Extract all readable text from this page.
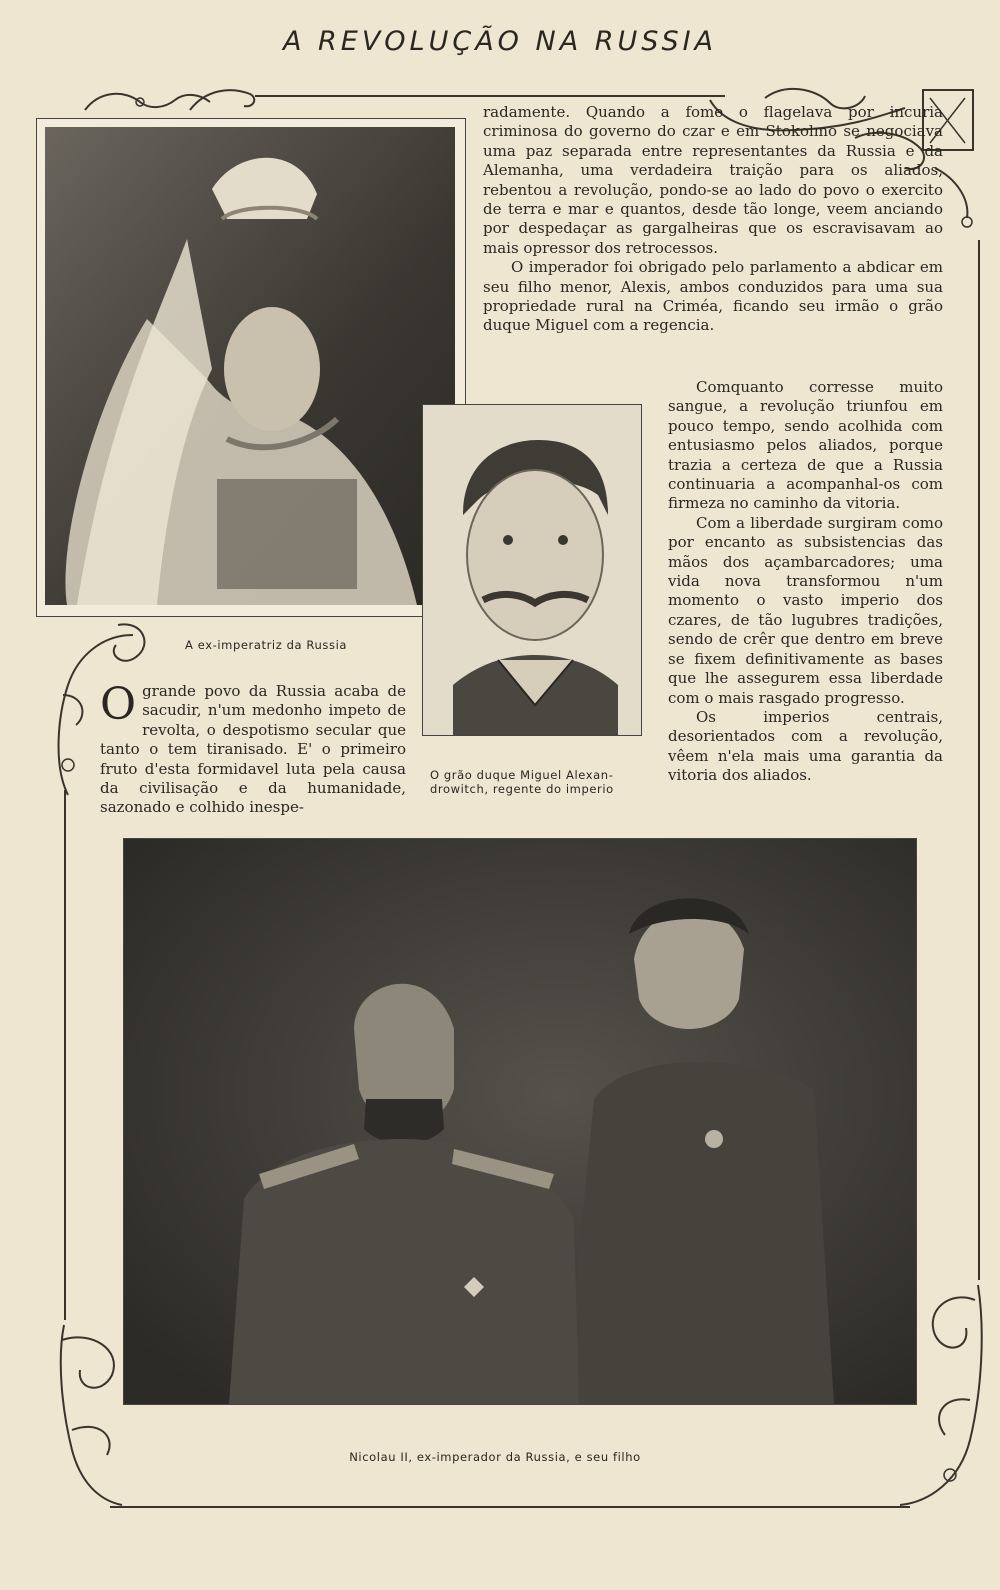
A REVOLUÇÃO NA RUSSIA
A ex-imperatriz da Russia
O grão duque Miguel Alexan-
drowitch, regente do imperio

Ogrande povo da Russia acaba de sacudir, n'um medonho impeto de revolta, o despotismo secular que tanto o tem tiranisado. E' o primeiro fruto d'esta formidavel luta pela causa da civilisação e da humanidade, sazonado e colhido inespe-

radamente. Quando a fome o flagelava por incuria criminosa do governo do czar e em Stokolmo se negociava uma paz separada entre representantes da Russia e da Alemanha, uma verdadeira traição para os aliados, rebentou a revolução, pondo-se ao lado do povo o exercito de terra e mar e quantos, desde tão longe, veem anciando por despedaçar as gargalheiras que os escravisavam ao mais opressor dos retrocessos.

O imperador foi obrigado pelo parlamento a abdicar em seu filho menor, Alexis, ambos conduzidos para uma sua propriedade rural na Criméa, ficando seu irmão o grão duque Miguel com a regencia.

Comquanto corresse muito sangue, a revolução triunfou em pouco tempo, sendo acolhida com entusiasmo pelos aliados, porque trazia a certeza de que a Russia continuaria a acompanhal-os com firmeza no caminho da vitoria.

Com a liberdade surgiram como por encanto as subsistencias das mãos dos açambarcadores; uma vida nova transformou n'um momento o vasto imperio dos czares, de tão lugubres tradições, sendo de crêr que dentro em breve se fixem definitivamente as bases que lhe assegurem essa liberdade com o mais rasgado progresso.

Os imperios centrais, desorientados com a revolução, vêem n'ela mais uma garantia da vitoria dos aliados.

Nicolau II, ex-imperador da Russia, e seu filho
